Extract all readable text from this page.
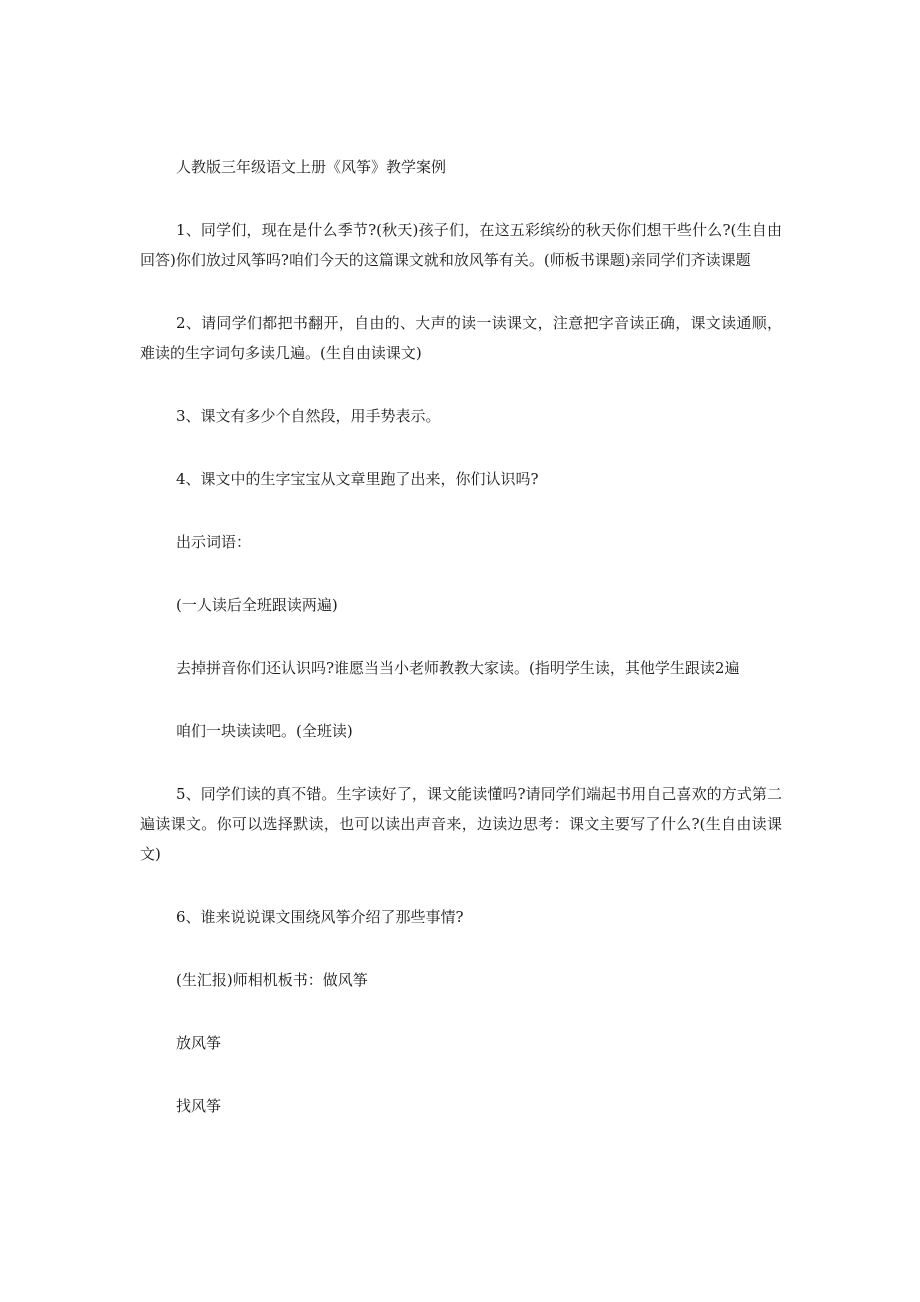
人教版三年级语文上册《风筝》教学案例

1、同学们，现在是什么季节?(秋天)孩子们，在这五彩缤纷的秋天你们想干些什么?(生自由回答)你们放过风筝吗?咱们今天的这篇课文就和放风筝有关。(师板书课题)亲同学们齐读课题

2、请同学们都把书翻开，自由的、大声的读一读课文，注意把字音读正确，课文读通顺，难读的生字词句多读几遍。(生自由读课文)

3、课文有多少个自然段，用手势表示。

4、课文中的生字宝宝从文章里跑了出来，你们认识吗?

出示词语：

(一人读后全班跟读两遍)

去掉拼音你们还认识吗?谁愿当当小老师教教大家读。(指明学生读，其他学生跟读2遍

咱们一块读读吧。(全班读)

5、同学们读的真不错。生字读好了，课文能读懂吗?请同学们端起书用自己喜欢的方式第二遍读课文。你可以选择默读，也可以读出声音来，边读边思考：课文主要写了什么?(生自由读课文)

6、谁来说说课文围绕风筝介绍了那些事情?

(生汇报)师相机板书：做风筝

放风筝

找风筝
